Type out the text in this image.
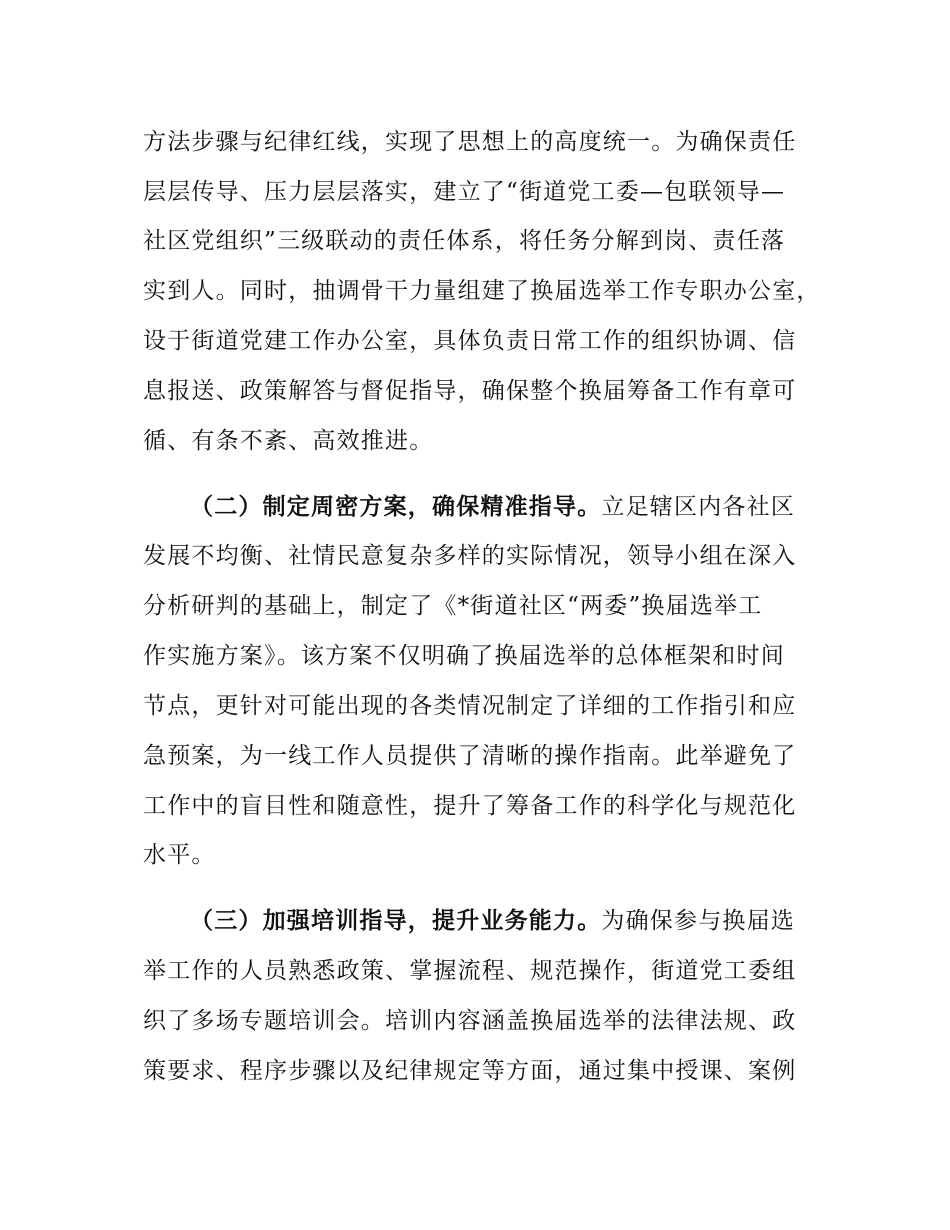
方法步骤与纪律红线，实现了思想上的高度统一。为确保责任
层层传导、压力层层落实，建立了“街道党工委—包联领导—
社区党组织”三级联动的责任体系，将任务分解到岗、责任落
实到人。同时，抽调骨干力量组建了换届选举工作专职办公室，
设于街道党建工作办公室，具体负责日常工作的组织协调、信
息报送、政策解答与督促指导，确保整个换届筹备工作有章可
循、有条不紊、高效推进。
（二）制定周密方案，确保精准指导。立足辖区内各社区
发展不均衡、社情民意复杂多样的实际情况，领导小组在深入
分析研判的基础上，制定了《*街道社区“两委”换届选举工
作实施方案》。该方案不仅明确了换届选举的总体框架和时间
节点，更针对可能出现的各类情况制定了详细的工作指引和应
急预案，为一线工作人员提供了清晰的操作指南。此举避免了
工作中的盲目性和随意性，提升了筹备工作的科学化与规范化
水平。
（三）加强培训指导，提升业务能力。为确保参与换届选
举工作的人员熟悉政策、掌握流程、规范操作，街道党工委组
织了多场专题培训会。培训内容涵盖换届选举的法律法规、政
策要求、程序步骤以及纪律规定等方面，通过集中授课、案例
